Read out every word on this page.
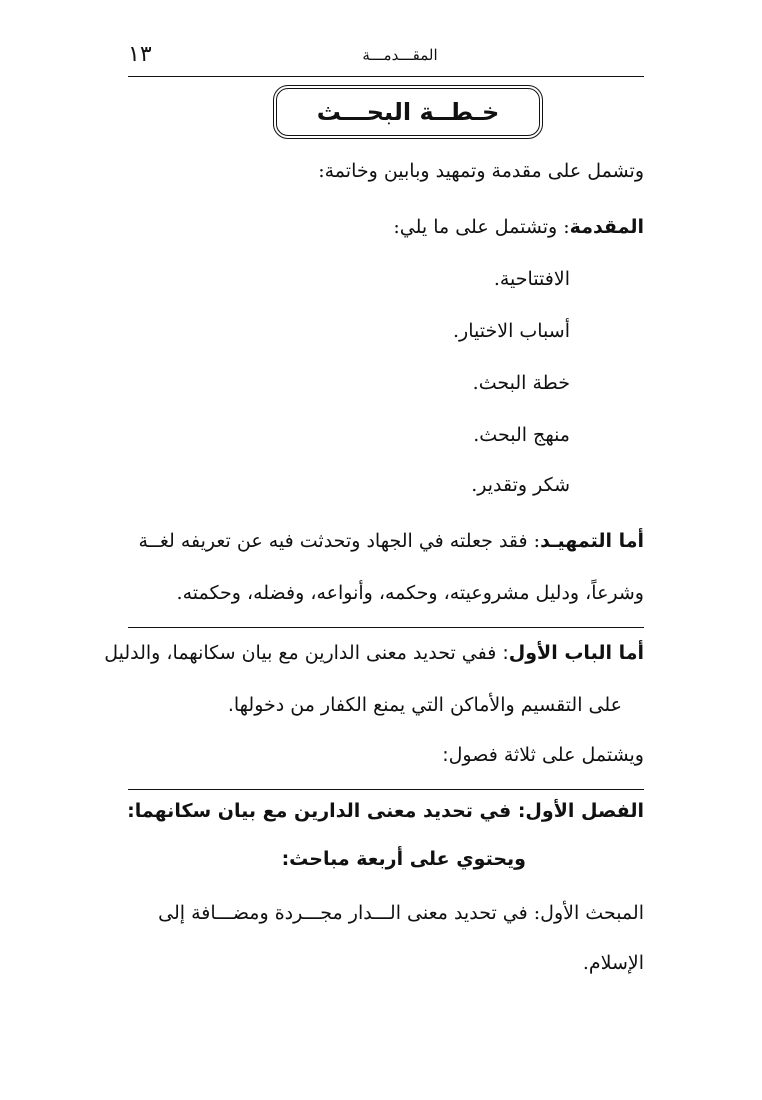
المقـــدمـــة
١٣
خـطــة البحـــث
وتشمل على مقدمة وتمهيد وبابين وخاتمة:
المقدمة: وتشتمل على ما يلي:
الافتتاحية.
أسباب الاختيار.
خطة البحث.
منهج البحث.
شكر وتقدير.
أما التمهيـد: فقد جعلته في الجهاد وتحدثت فيه عن تعريفه لغــة
وشرعاً، ودليل مشروعيته، وحكمه، وأنواعه، وفضله، وحكمته.
أما الباب الأول: ففي تحديد معنى الدارين مع بيان سكانهما، والدليل
على التقسيم والأماكن التي يمنع الكفار من دخولها.
ويشتمل على ثلاثة فصول:
الفصل الأول: في تحديد معنى الدارين مع بيان سكانهما:
ويحتوي على أربعة مباحث:
المبحث الأول: في تحديد معنى الـــدار مجـــردة ومضـــافة إلى
الإسلام.
